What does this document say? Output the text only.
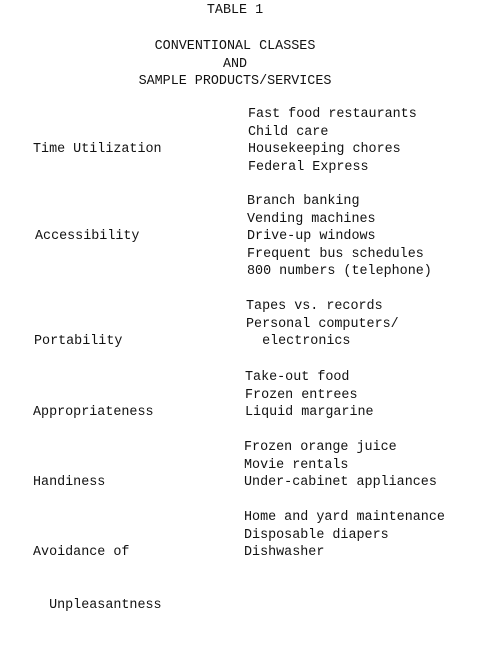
TABLE 1
CONVENTIONAL CLASSES
AND
SAMPLE PRODUCTS/SERVICES

Time Utilization

Fast food restaurants
Child care
Housekeeping chores
Federal Express

Accessibility

Branch banking
Vending machines
Drive-up windows
Frequent bus schedules
800 numbers (telephone)

Portability

Tapes vs. records
Personal computers/
electronics

Appropriateness

Take-out food
Frozen entrees
Liquid margarine

Handiness

Frozen orange juice
Movie rentals
Under-cabinet appliances

Avoidance of

Unpleasantness

Home and yard maintenance
Disposable diapers
Dishwasher
